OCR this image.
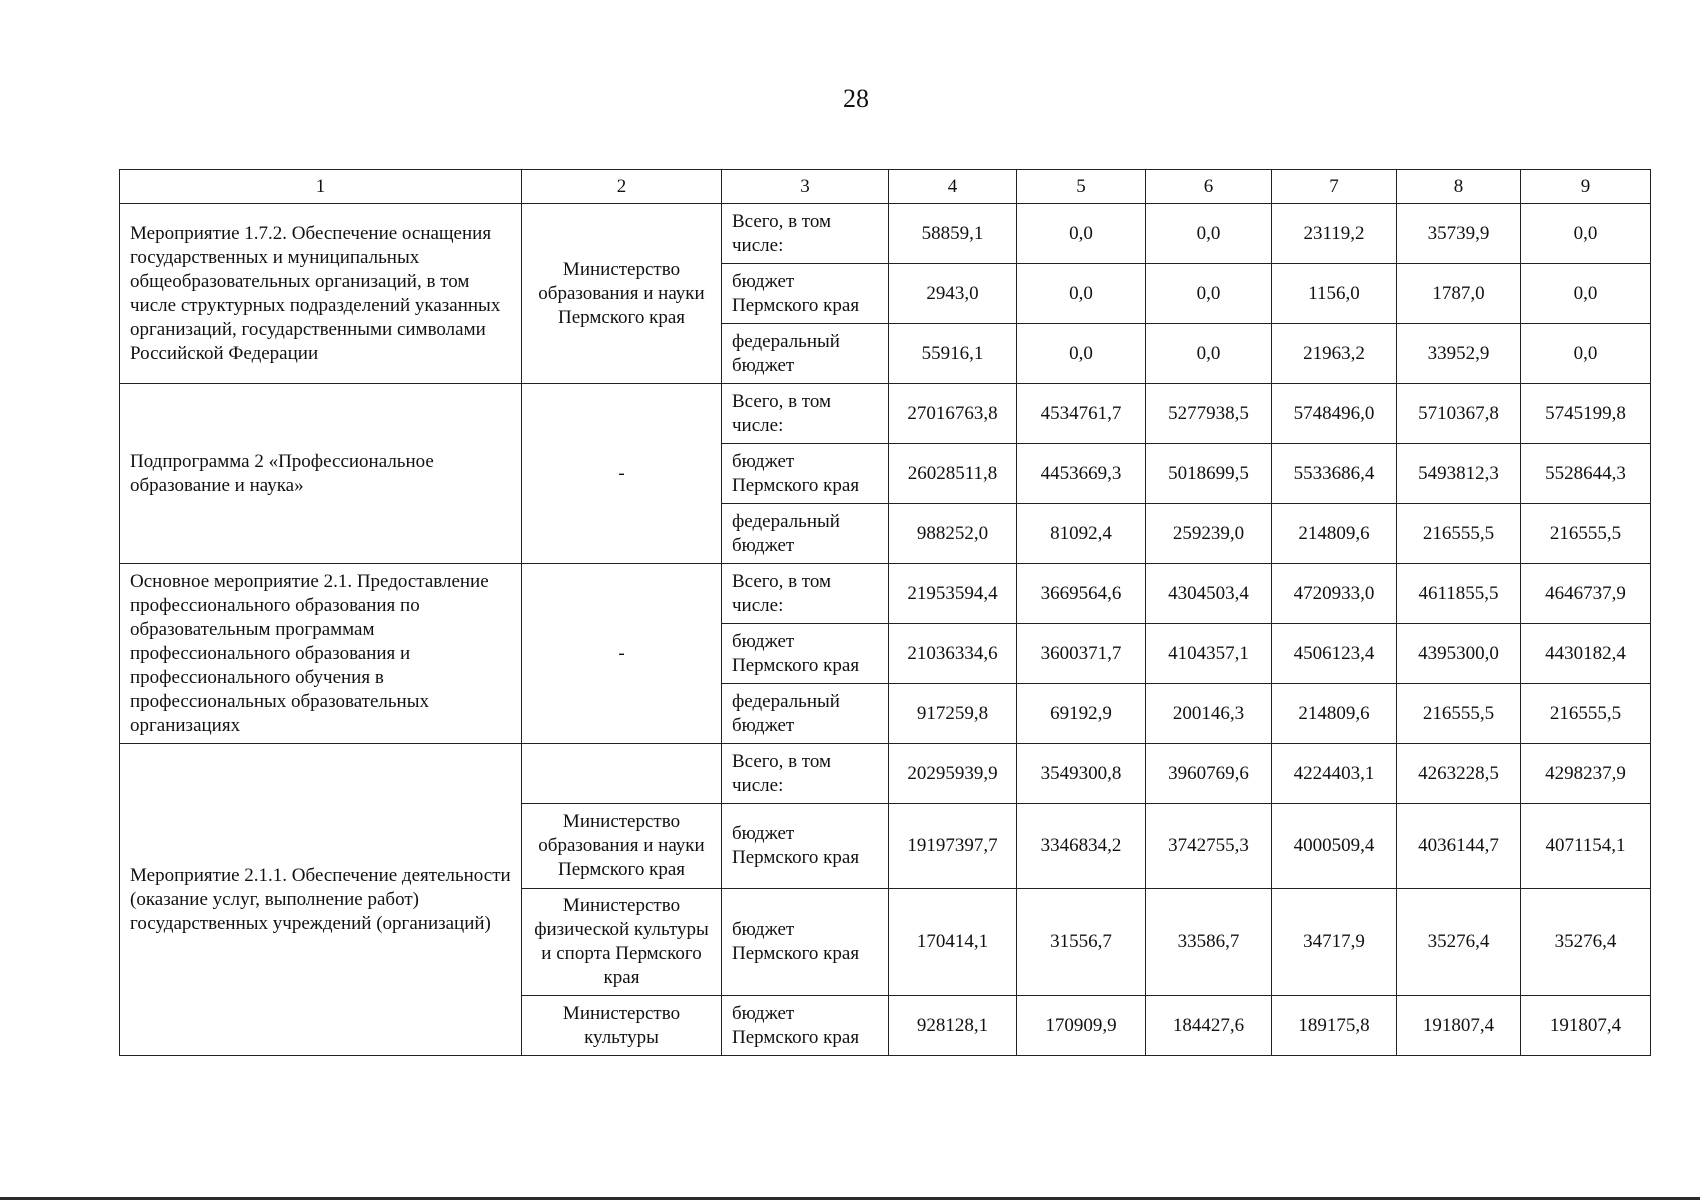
28
1	2	3	4	5	6	7	8	9
Мероприятие 1.7.2. Обеспечение оснащения государственных и муниципальных общеобразовательных организаций, в том числе структурных подразделений указанных организаций, государственными символами Российской Федерации	Министерство образования и науки Пермского края	Всего, в том числе:	58859,1	0,0	0,0	23119,2	35739,9	0,0
		бюджет Пермского края	2943,0	0,0	0,0	1156,0	1787,0	0,0
		федеральный бюджет	55916,1	0,0	0,0	21963,2	33952,9	0,0
Подпрограмма 2 «Профессиональное образование и наука»	-	Всего, в том числе:	27016763,8	4534761,7	5277938,5	5748496,0	5710367,8	5745199,8
		бюджет Пермского края	26028511,8	4453669,3	5018699,5	5533686,4	5493812,3	5528644,3
		федеральный бюджет	988252,0	81092,4	259239,0	214809,6	216555,5	216555,5
Основное мероприятие 2.1. Предоставление профессионального образования по образовательным программам профессионального образования и профессионального обучения в профессиональных образовательных организациях	-	Всего, в том числе:	21953594,4	3669564,6	4304503,4	4720933,0	4611855,5	4646737,9
		бюджет Пермского края	21036334,6	3600371,7	4104357,1	4506123,4	4395300,0	4430182,4
		федеральный бюджет	917259,8	69192,9	200146,3	214809,6	216555,5	216555,5
Мероприятие 2.1.1. Обеспечение деятельности (оказание услуг, выполнение работ) государственных учреждений (организаций)		Всего, в том числе:	20295939,9	3549300,8	3960769,6	4224403,1	4263228,5	4298237,9
	Министерство образования и науки Пермского края	бюджет Пермского края	19197397,7	3346834,2	3742755,3	4000509,4	4036144,7	4071154,1
	Министерство физической культуры и спорта Пермского края	бюджет Пермского края	170414,1	31556,7	33586,7	34717,9	35276,4	35276,4
	Министерство культуры	бюджет Пермского края	928128,1	170909,9	184427,6	189175,8	191807,4	191807,4
